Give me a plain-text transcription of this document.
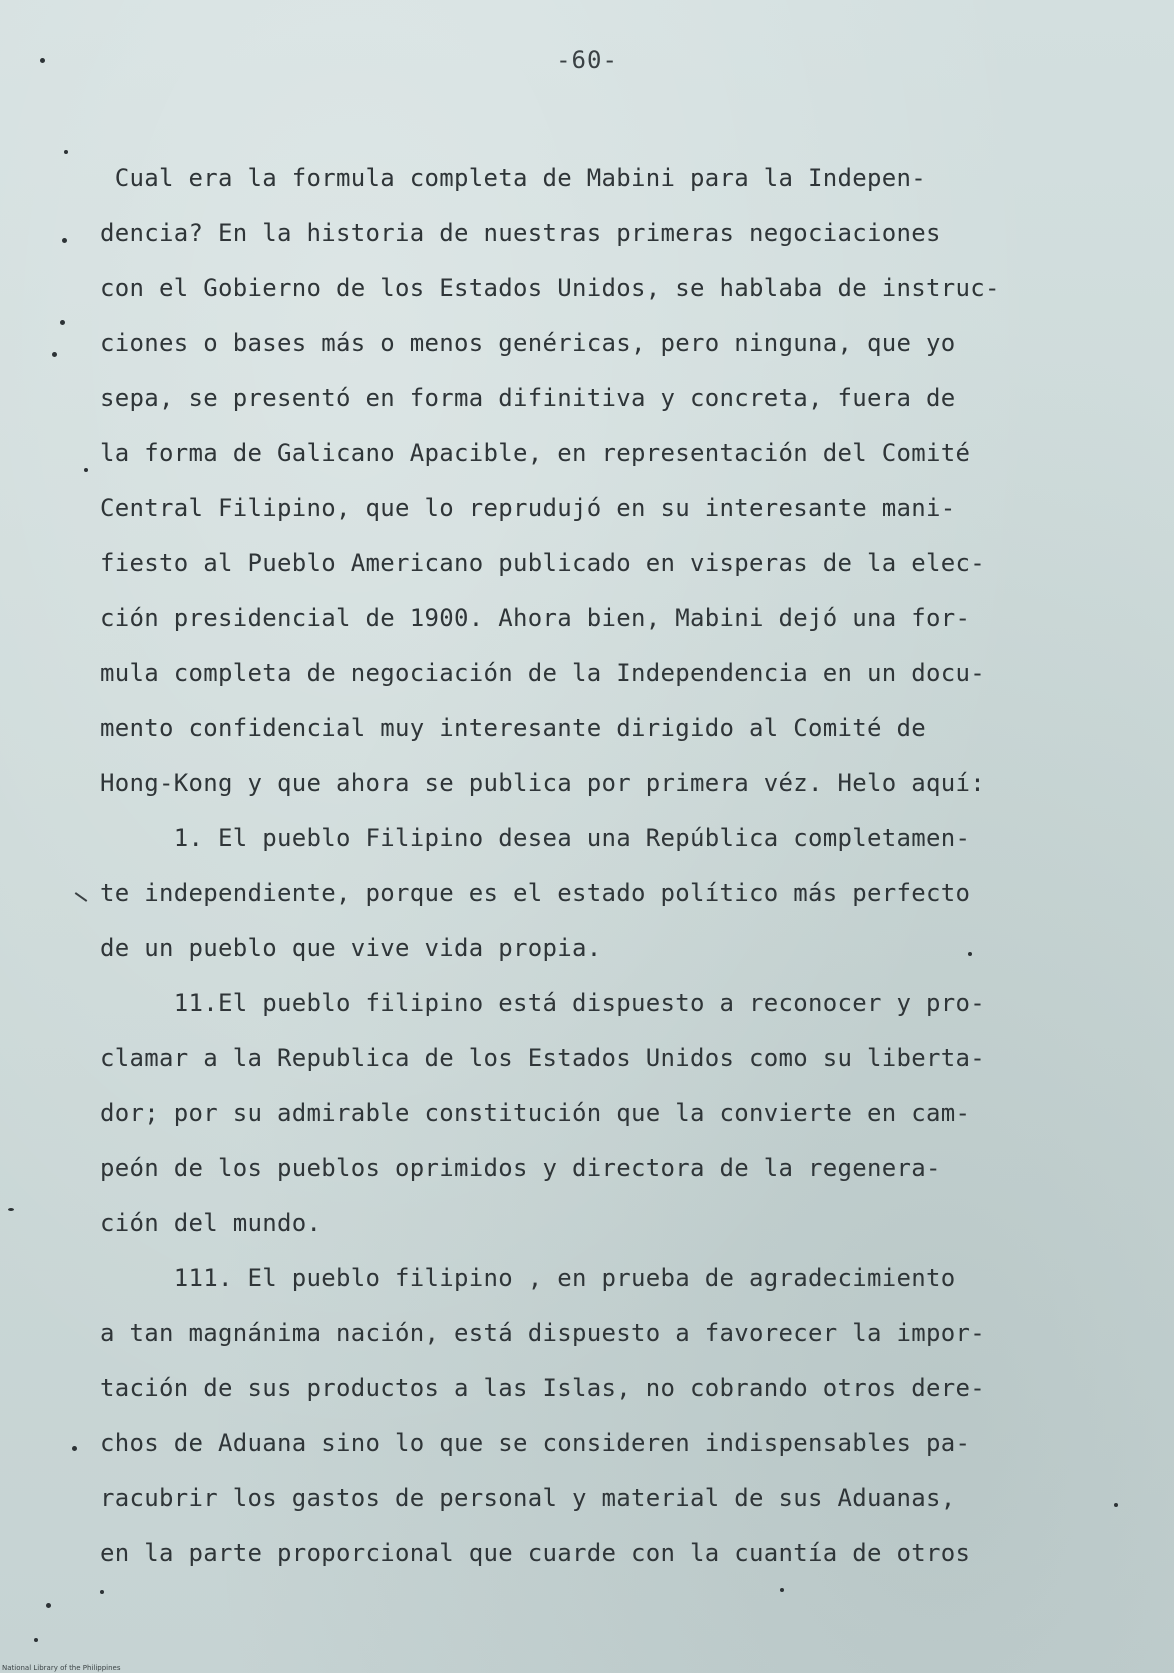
-60-
Cual era la formula completa de Mabini para la Indepen-
dencia? En la historia de nuestras primeras negociaciones
con el Gobierno de los Estados Unidos, se hablaba de instruc-
ciones o bases más o menos genéricas, pero ninguna, que yo
sepa, se presentó en forma difinitiva y concreta, fuera de
la forma de Galicano Apacible, en representación del Comité
Central Filipino, que lo reprudujó en su interesante mani-
fiesto al Pueblo Americano publicado en visperas de la elec-
ción presidencial de 1900. Ahora bien, Mabini dejó una for-
mula completa de negociación de la Independencia en un docu-
mento confidencial muy interesante dirigido al Comité de
Hong-Kong y que ahora se publica por primera véz. Helo aquí:
1. El pueblo Filipino desea una República completamen-
te independiente, porque es el estado político más perfecto
de un pueblo que vive vida propia.
11.El pueblo filipino está dispuesto a reconocer y pro-
clamar a la Republica de los Estados Unidos como su liberta-
dor; por su admirable constitución que la convierte en cam-
peón de los pueblos oprimidos y directora de la regenera-
ción del mundo.
111. El pueblo filipino , en prueba de agradecimiento
a tan magnánima nación, está dispuesto a favorecer la impor-
tación de sus productos a las Islas, no cobrando otros dere-
chos de Aduana sino lo que se consideren indispensables pa-
racubrir los gastos de personal y material de sus Aduanas,
en la parte proporcional que cuarde con la cuantía de otros
National Library of the Philippines
